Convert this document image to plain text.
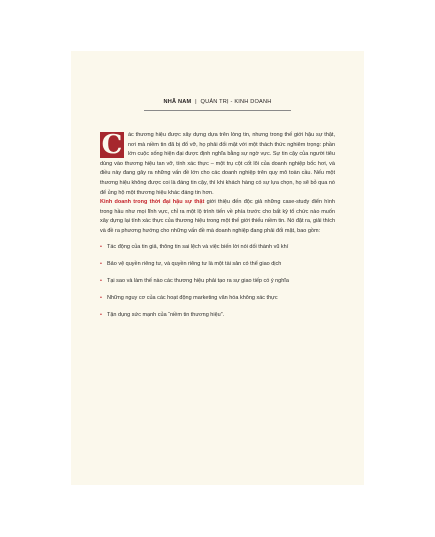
NHÃ NAM | QUẢN TRỊ - KINH DOANH

C	ác thương hiệu được xây dựng dựa trên lòng tin, nhưng trong thế giới hậu sự thật, nơi mà niềm tin đã bị đổ vỡ, họ phải đối mặt với một thách thức nghiêm trọng: phần lớn cuộc sống hiện đại được định nghĩa bằng sự ngờ vực. Sự tin cậy của người tiêu dùng vào thương hiệu tan vỡ, tính xác thực – một trụ cột cốt lõi của doanh nghiệp bốc hơi, và điều này đang gây ra những vấn đề lớn cho các doanh nghiệp trên quy mô toàn cầu. Nếu một thương hiệu không được coi là đáng tin cậy, thì khi khách hàng có sự lựa chọn, họ sẽ bỏ qua nó để ủng hộ một thương hiệu khác đáng tin hơn.

Kinh doanh trong thời đại hậu sự thật giới thiệu đến độc giả những case-study điển hình trong hầu như mọi lĩnh vực, chỉ ra một lộ trình tiến về phía trước cho bất kỳ tổ chức nào muốn xây dựng lại tính xác thực của thương hiệu trong một thế giới thiếu niềm tin. Nó đặt ra, giải thích và đề ra phương hướng cho những vấn đề mà doanh nghiệp đang phải đối mặt, bao gồm:

• Tác động của tin giả, thông tin sai lệch và việc biến lời nói dối thành vũ khí
• Bảo vệ quyền riêng tư, và quyền riêng tư là một tài sản có thể giao dịch
• Tại sao và làm thế nào các thương hiệu phải tạo ra sự giao tiếp có ý nghĩa
• Những nguy cơ của các hoạt động marketing văn hóa không xác thực
• Tận dụng sức mạnh của “niềm tin thương hiệu”.
